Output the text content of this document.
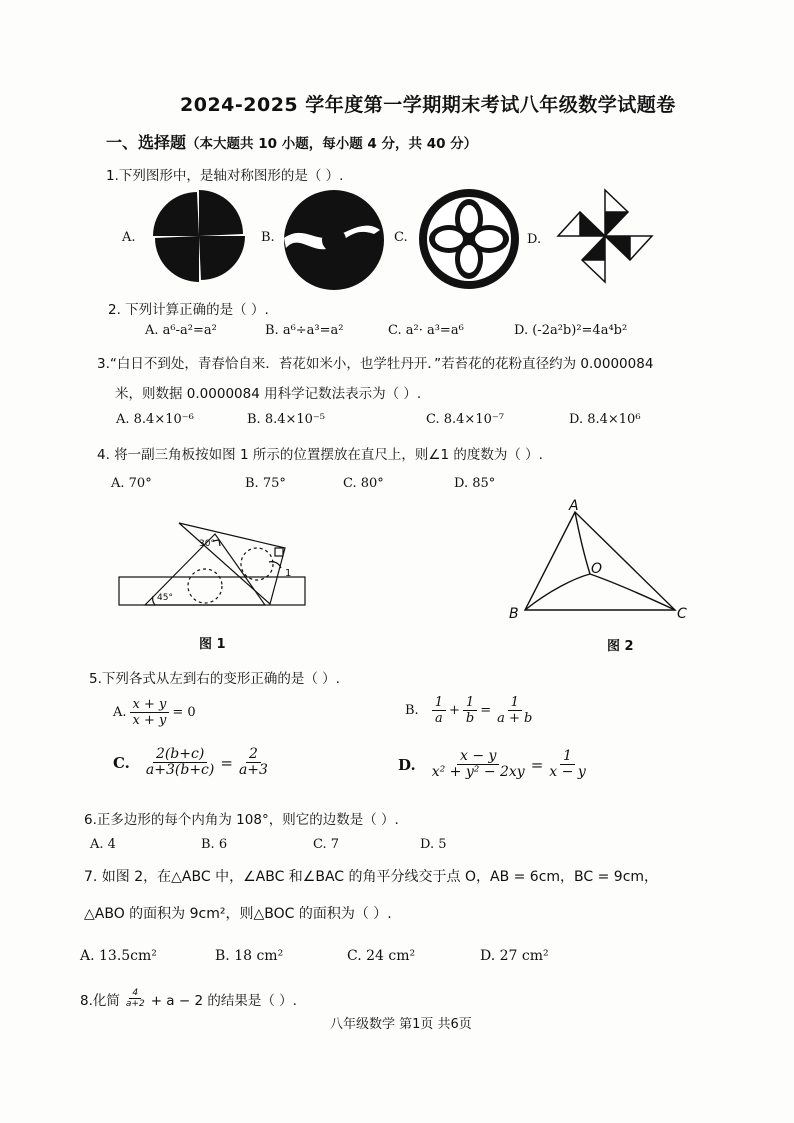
2024-2025 学年度第一学期期末考试八年级数学试题卷
一、选择题（本大题共 10 小题，每小题 4 分，共 40 分）
1.下列图形中，是轴对称图形的是（ ）.
A.	B.	C.	D.
2. 下列计算正确的是（ ）.
A. a⁶-a²=a²	B. a⁶÷a³=a²	C. a²· a³=a⁶	D. (-2a²b)²=4a⁴b²
3.“白日不到处，青春恰自来．苔花如米小，也学牡丹开．”若苔花的花粉直径约为 0.0000084
米，则数据 0.0000084 用科学记数法表示为（ ）.
A. 8.4×10⁻⁶	B. 8.4×10⁻⁵	C. 8.4×10⁻⁷	D. 8.4×10⁶
4. 将一副三角板按如图 1 所示的位置摆放在直尺上，则∠1 的度数为（ ）.
A. 70°	B. 75°	C. 80°	D. 85°
30°
45°
1
图 1
A
B	C
O
图 2
5.下列各式从左到右的变形正确的是（ ）.
A. $\frac{x + y}{x + y} = 0$	B. $\frac{1}{a} + \frac{1}{b} = \frac{1}{a + b}$
C. $\frac{2(b+c)}{a+3(b+c)} = \frac{2}{a+3}$	D. $\frac{x - y}{\text{x² + y² − 2xy}} = \frac{1}{x - y}$
6.正多边形的每个内角为 108°，则它的边数是（ ）.
A. 4	B. 6	C. 7	D. 5
7. 如图 2，在△ABC 中，∠ABC 和∠BAC 的角平分线交于点 O，AB = 6cm，BC = 9cm，
△ABO 的面积为 9cm²，则△BOC 的面积为（ ）.
A. 13.5cm²	B. 18 cm²	C. 24 cm²	D. 27 cm²
8.化简 $\frac{4}{a+2} + a - 2$ 的结果是（ ）.
八年级数学 第1页 共6页
